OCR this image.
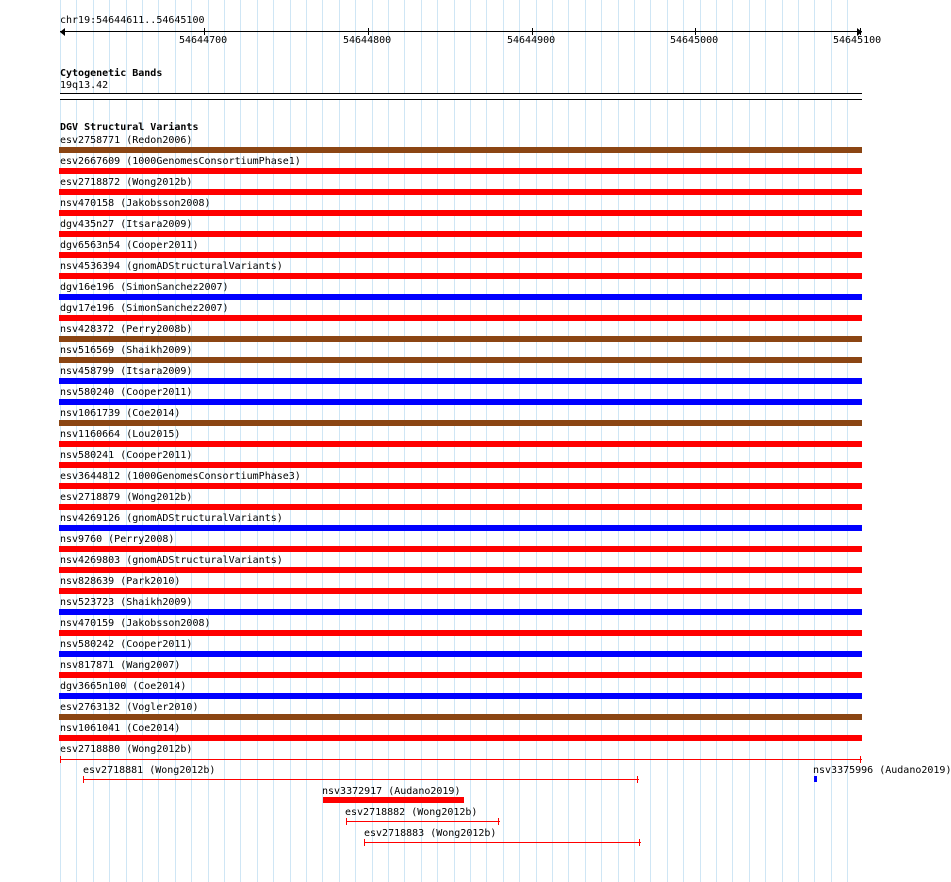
chr19:54644611..54645100
54644700	54644800	54644900	54645000	54645100
Cytogenetic Bands
19q13.42
DGV Structural Variants
esv2758771 (Redon2006)
esv2667609 (1000GenomesConsortiumPhase1)
esv2718872 (Wong2012b)
nsv470158 (Jakobsson2008)
dgv435n27 (Itsara2009)
dgv6563n54 (Cooper2011)
nsv4536394 (gnomADStructuralVariants)
dgv16e196 (SimonSanchez2007)
dgv17e196 (SimonSanchez2007)
nsv428372 (Perry2008b)
nsv516569 (Shaikh2009)
nsv458799 (Itsara2009)
nsv580240 (Cooper2011)
nsv1061739 (Coe2014)
nsv1160664 (Lou2015)
nsv580241 (Cooper2011)
esv3644812 (1000GenomesConsortiumPhase3)
esv2718879 (Wong2012b)
nsv4269126 (gnomADStructuralVariants)
nsv9760 (Perry2008)
nsv4269803 (gnomADStructuralVariants)
nsv828639 (Park2010)
nsv523723 (Shaikh2009)
nsv470159 (Jakobsson2008)
nsv580242 (Cooper2011)
nsv817871 (Wang2007)
dgv3665n100 (Coe2014)
esv2763132 (Vogler2010)
nsv1061041 (Coe2014)
esv2718880 (Wong2012b)
esv2718881 (Wong2012b)	nsv3375996 (Audano2019)
nsv3372917 (Audano2019)
esv2718882 (Wong2012b)
esv2718883 (Wong2012b)
